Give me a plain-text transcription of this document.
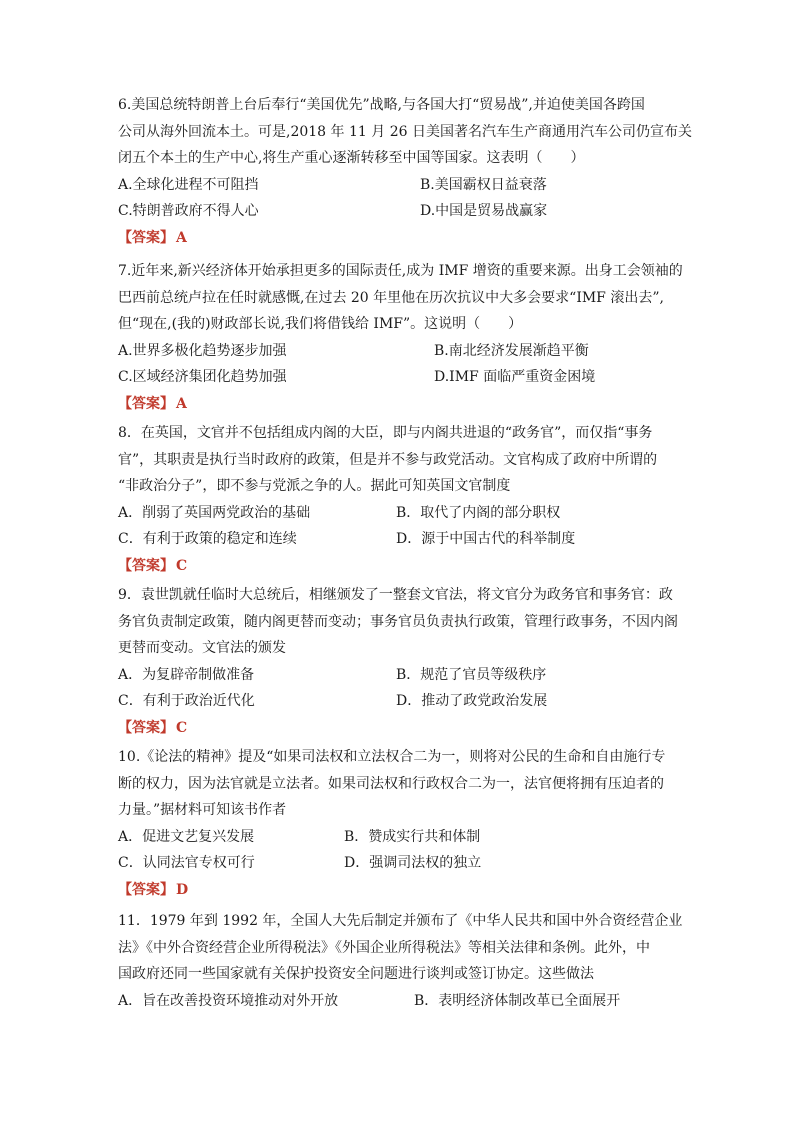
6.美国总统特朗普上台后奉行“美国优先”战略,与各国大打“贸易战”,并迫使美国各跨国

公司从海外回流本土。可是,2018 年 11 月 26 日美国著名汽车生产商通用汽车公司仍宣布关

闭五个本土的生产中心,将生产重心逐渐转移至中国等国家。这表明（　　）

A.全球化进程不可阻挡	B.美国霸权日益衰落
C.特朗普政府不得人心	D.中国是贸易战赢家

【答案】 A

7.近年来,新兴经济体开始承担更多的国际责任,成为 IMF 增资的重要来源。出身工会领袖的

巴西前总统卢拉在任时就感慨,在过去 20 年里他在历次抗议中大多会要求“IMF 滚出去”,

但“现在,(我的)财政部长说,我们将借钱给 IMF”。这说明（　　）

A.世界多极化趋势逐步加强	B.南北经济发展渐趋平衡
C.区域经济集团化趋势加强	D.IMF 面临严重资金困境

【答案】 A

8．在英国，文官并不包括组成内阁的大臣，即与内阁共进退的“政务官”，而仅指“事务

官”，其职责是执行当时政府的政策，但是并不参与政党活动。文官构成了政府中所谓的

“非政治分子”，即不参与党派之争的人。据此可知英国文官制度

A．削弱了英国两党政治的基础	B．取代了内阁的部分职权
C．有利于政策的稳定和连续	D．源于中国古代的科举制度

【答案】 C

9．袁世凯就任临时大总统后，相继颁发了一整套文官法，将文官分为政务官和事务官：政

务官负责制定政策，随内阁更替而变动；事务官员负责执行政策，管理行政事务，不因内阁

更替而变动。文官法的颁发

A．为复辟帝制做准备	B．规范了官员等级秩序
C．有利于政治近代化	D．推动了政党政治发展

【答案】 C

10.《论法的精神》提及“如果司法权和立法权合二为一，则将对公民的生命和自由施行专

断的权力，因为法官就是立法者。如果司法权和行政权合二为一，法官便将拥有压迫者的

力量。”据材料可知该书作者

A．促进文艺复兴发展	B．赞成实行共和体制
C．认同法官专权可行	D．强调司法权的独立

【答案】 D

11．1979 年到 1992 年，全国人大先后制定并颁布了《中华人民共和国中外合资经营企业

法》《中外合资经营企业所得税法》《外国企业所得税法》等相关法律和条例。此外，中

国政府还同一些国家就有关保护投资安全问题进行谈判或签订协定。这些做法

A．旨在改善投资环境推动对外开放	B．表明经济体制改革已全面展开
